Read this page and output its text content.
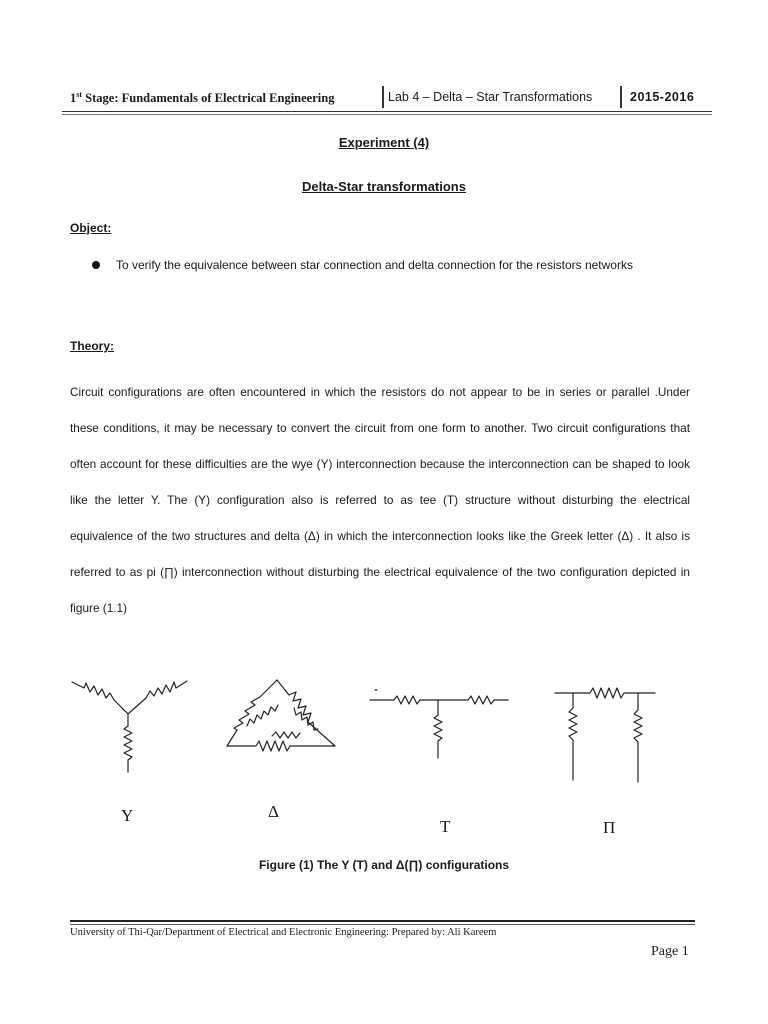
1st Stage: Fundamentals of Electrical Engineering	Lab 4 – Delta – Star Transformations	2015-2016
Experiment (4)
Delta-Star transformations
Object:
To verify the equivalence between star connection and delta connection for the resistors networks
Theory:

Circuit configurations are often encountered in which the resistors do not appear to be in series or parallel .Under these conditions, it may be necessary to convert the circuit from one form to another. Two circuit configurations that often account for these difficulties are the wye (Y) interconnection because the interconnection can be shaped to look like the letter Y. The (Y) configuration also is referred to as tee (T) structure without disturbing the electrical equivalence of the two structures and delta (Δ) in which the interconnection looks like the Greek letter (Δ) . It also is referred to as pi (∏) interconnection without disturbing the electrical equivalence of the two configuration depicted in figure (1.1)

Y	Δ
T	Π
Figure (1) The Y (T) and Δ(∏) configurations
University of Thi-Qar/Department of Electrical and Electronic Engineering: Prepared by: Ali Kareem
Page 1
